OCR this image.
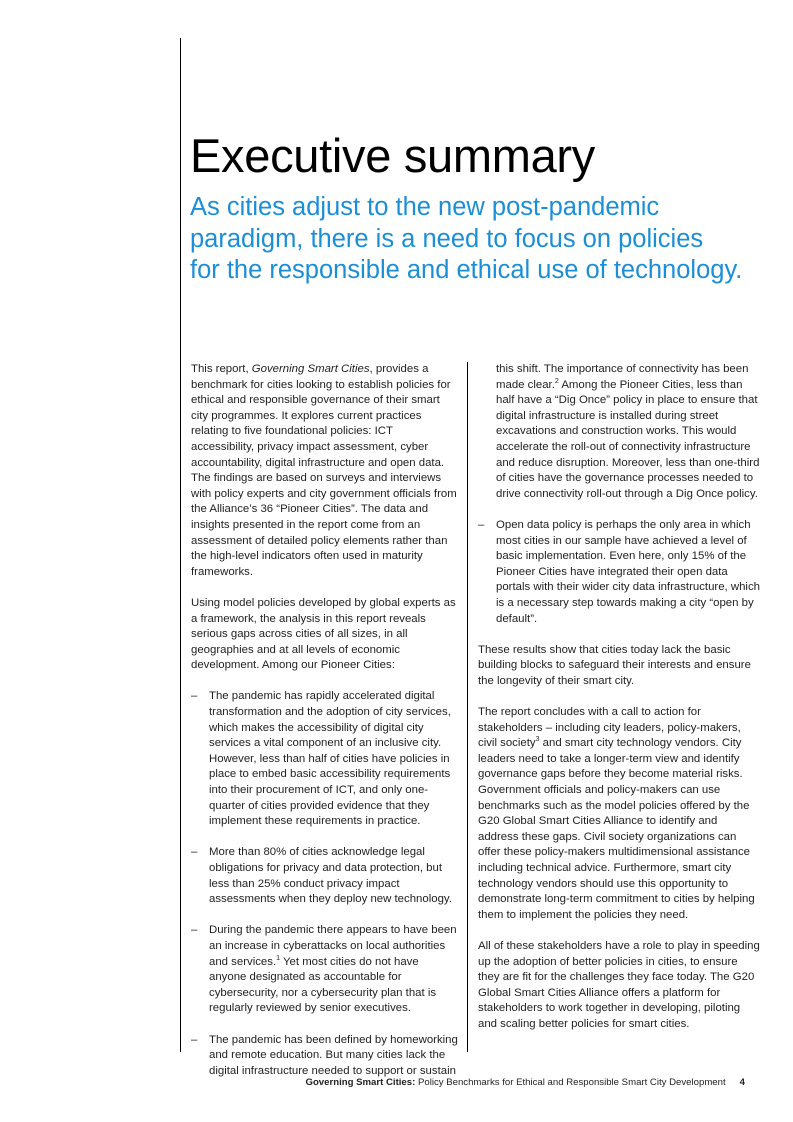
Executive summary
As cities adjust to the new post-pandemic
paradigm, there is a need to focus on policies
for the responsible and ethical use of technology.

This report, Governing Smart Cities, provides a benchmark for cities looking to establish policies for ethical and responsible governance of their smart city programmes. It explores current practices relating to five foundational policies: ICT accessibility, privacy impact assessment, cyber accountability, digital infrastructure and open data. The findings are based on surveys and interviews with policy experts and city government officials from the Alliance’s 36 “Pioneer Cities”. The data and insights presented in the report come from an assessment of detailed policy elements rather than the high-level indicators often used in maturity frameworks.

Using model policies developed by global experts as a framework, the analysis in this report reveals serious gaps across cities of all sizes, in all geographies and at all levels of economic development. Among our Pioneer Cities:

– The pandemic has rapidly accelerated digital transformation and the adoption of city services, which makes the accessibility of digital city services a vital component of an inclusive city. However, less than half of cities have policies in place to embed basic accessibility requirements into their procurement of ICT, and only one-quarter of cities provided evidence that they implement these requirements in practice.
– More than 80% of cities acknowledge legal obligations for privacy and data protection, but less than 25% conduct privacy impact assessments when they deploy new technology.
– During the pandemic there appears to have been an increase in cyberattacks on local authorities and services.$^1$ Yet most cities do not have anyone designated as accountable for cybersecurity, nor a cybersecurity plan that is regularly reviewed by senior executives.
– The pandemic has been defined by homeworking and remote education. But many cities lack the digital infrastructure needed to support or sustain
this shift. The importance of connectivity has been made clear.$^2$ Among the Pioneer Cities, less than half have a “Dig Once” policy in place to ensure that digital infrastructure is installed during street excavations and construction works. This would accelerate the roll-out of connectivity infrastructure and reduce disruption. Moreover, less than one-third of cities have the governance processes needed to drive connectivity roll-out through a Dig Once policy.
– Open data policy is perhaps the only area in which most cities in our sample have achieved a level of basic implementation. Even here, only 15% of the Pioneer Cities have integrated their open data portals with their wider city data infrastructure, which is a necessary step towards making a city “open by default”.

These results show that cities today lack the basic building blocks to safeguard their interests and ensure the longevity of their smart city.

The report concludes with a call to action for stakeholders – including city leaders, policy-makers, civil society$^3$ and smart city technology vendors. City leaders need to take a longer-term view and identify governance gaps before they become material risks. Government officials and policy-makers can use benchmarks such as the model policies offered by the G20 Global Smart Cities Alliance to identify and address these gaps. Civil society organizations can offer these policy-makers multidimensional assistance including technical advice. Furthermore, smart city technology vendors should use this opportunity to demonstrate long-term commitment to cities by helping them to implement the policies they need.

All of these stakeholders have a role to play in speeding up the adoption of better policies in cities, to ensure they are fit for the challenges they face today. The G20 Global Smart Cities Alliance offers a platform for stakeholders to work together in developing, piloting and scaling better policies for smart cities.

Governing Smart Cities: Policy Benchmarks for Ethical and Responsible Smart City Development 4
